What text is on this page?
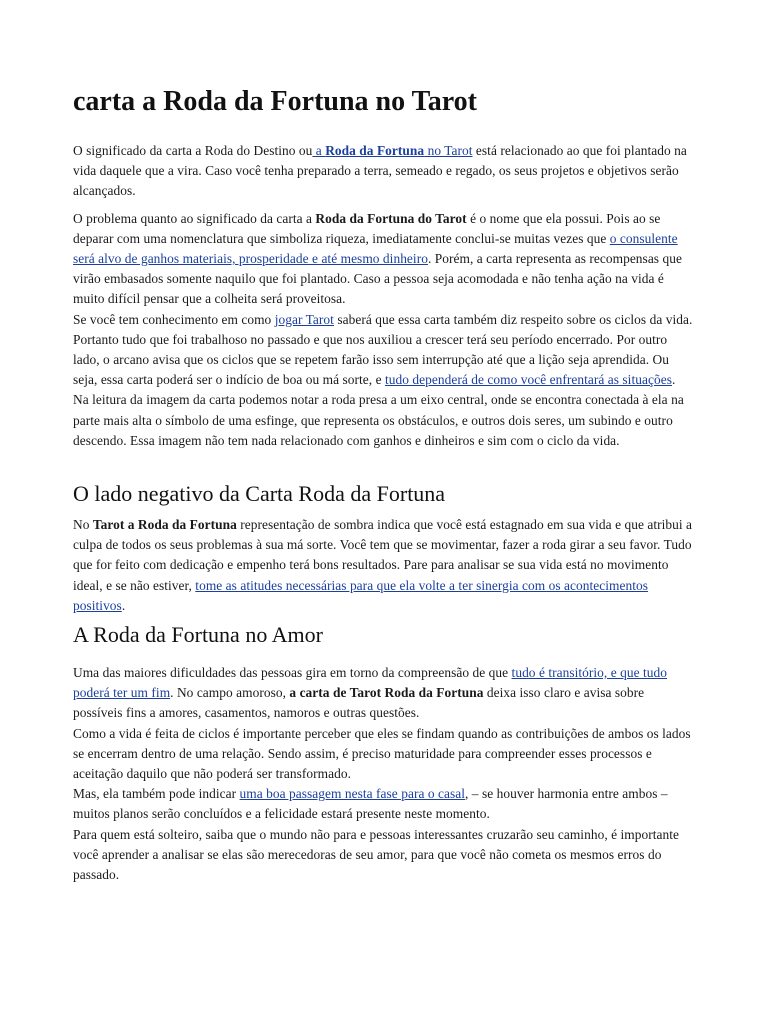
carta a Roda da Fortuna no Tarot

O significado da carta a Roda do Destino ou a Roda da Fortuna no Tarot está relacionado ao que foi plantado na vida daquele que a vira. Caso você tenha preparado a terra, semeado e regado, os seus projetos e objetivos serão alcançados.

O problema quanto ao significado da carta a Roda da Fortuna do Tarot é o nome que ela possui. Pois ao se deparar com uma nomenclatura que simboliza riqueza, imediatamente conclui-se muitas vezes que o consulente será alvo de ganhos materiais, prosperidade e até mesmo dinheiro. Porém, a carta representa as recompensas que virão embasados somente naquilo que foi plantado. Caso a pessoa seja acomodada e não tenha ação na vida é muito difícil pensar que a colheita será proveitosa.

Se você tem conhecimento em como jogar Tarot saberá que essa carta também diz respeito sobre os ciclos da vida. Portanto tudo que foi trabalhoso no passado e que nos auxiliou a crescer terá seu período encerrado. Por outro lado, o arcano avisa que os ciclos que se repetem farão isso sem interrupção até que a lição seja aprendida. Ou seja, essa carta poderá ser o indício de boa ou má sorte, e tudo dependerá de como você enfrentará as situações.

Na leitura da imagem da carta podemos notar a roda presa a um eixo central, onde se encontra conectada à ela na parte mais alta o símbolo de uma esfinge, que representa os obstáculos, e outros dois seres, um subindo e outro descendo. Essa imagem não tem nada relacionado com ganhos e dinheiros e sim com o ciclo da vida.

O lado negativo da Carta Roda da Fortuna

No Tarot a Roda da Fortuna representação de sombra indica que você está estagnado em sua vida e que atribui a culpa de todos os seus problemas à sua má sorte. Você tem que se movimentar, fazer a roda girar a seu favor. Tudo que for feito com dedicação e empenho terá bons resultados. Pare para analisar se sua vida está no movimento ideal, e se não estiver, tome as atitudes necessárias para que ela volte a ter sinergia com os acontecimentos positivos.

A Roda da Fortuna no Amor

Uma das maiores dificuldades das pessoas gira em torno da compreensão de que tudo é transitório, e que tudo poderá ter um fim. No campo amoroso, a carta de Tarot Roda da Fortuna deixa isso claro e avisa sobre possíveis fins a amores, casamentos, namoros e outras questões.

Como a vida é feita de ciclos é importante perceber que eles se findam quando as contribuições de ambos os lados se encerram dentro de uma relação. Sendo assim, é preciso maturidade para compreender esses processos e aceitação daquilo que não poderá ser transformado.

Mas, ela também pode indicar uma boa passagem nesta fase para o casal, – se houver harmonia entre ambos – muitos planos serão concluídos e a felicidade estará presente neste momento.

Para quem está solteiro, saiba que o mundo não para e pessoas interessantes cruzarão seu caminho, é importante você aprender a analisar se elas são merecedoras de seu amor, para que você não cometa os mesmos erros do passado.
